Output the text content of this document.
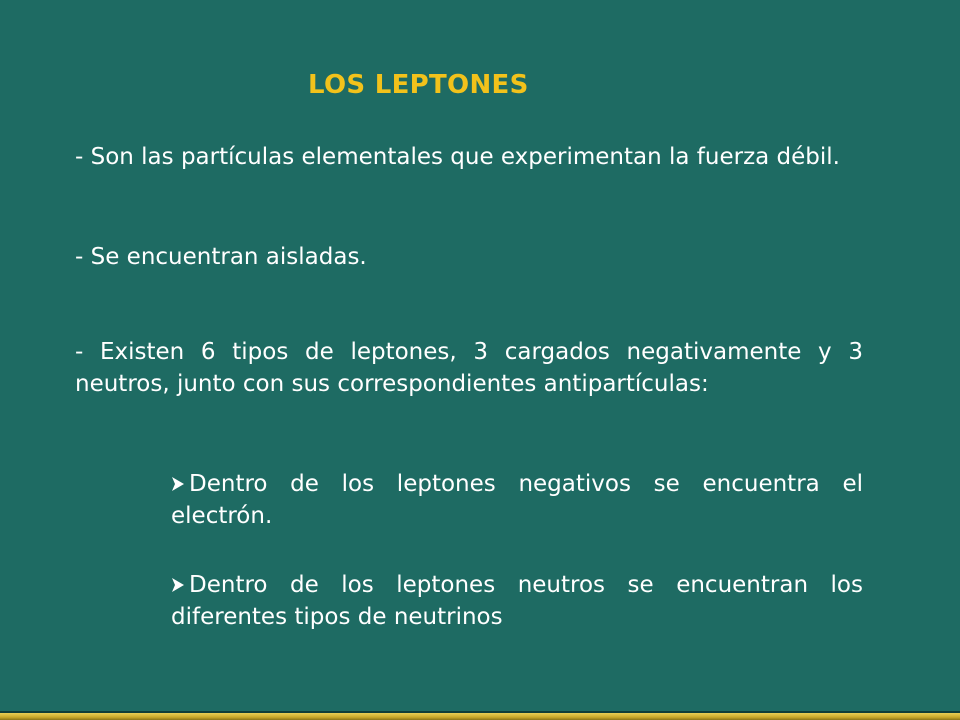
LOS LEPTONES

- Son las partículas elementales que experimentan la fuerza débil.

- Se encuentran aisladas.

- Existen 6 tipos de leptones, 3 cargados negativamente y 3 neutros, junto con sus correspondientes antipartículas:

Dentro de los leptones negativos se encuentra el electrón.

Dentro de los leptones neutros se encuentran los diferentes tipos de neutrinos
